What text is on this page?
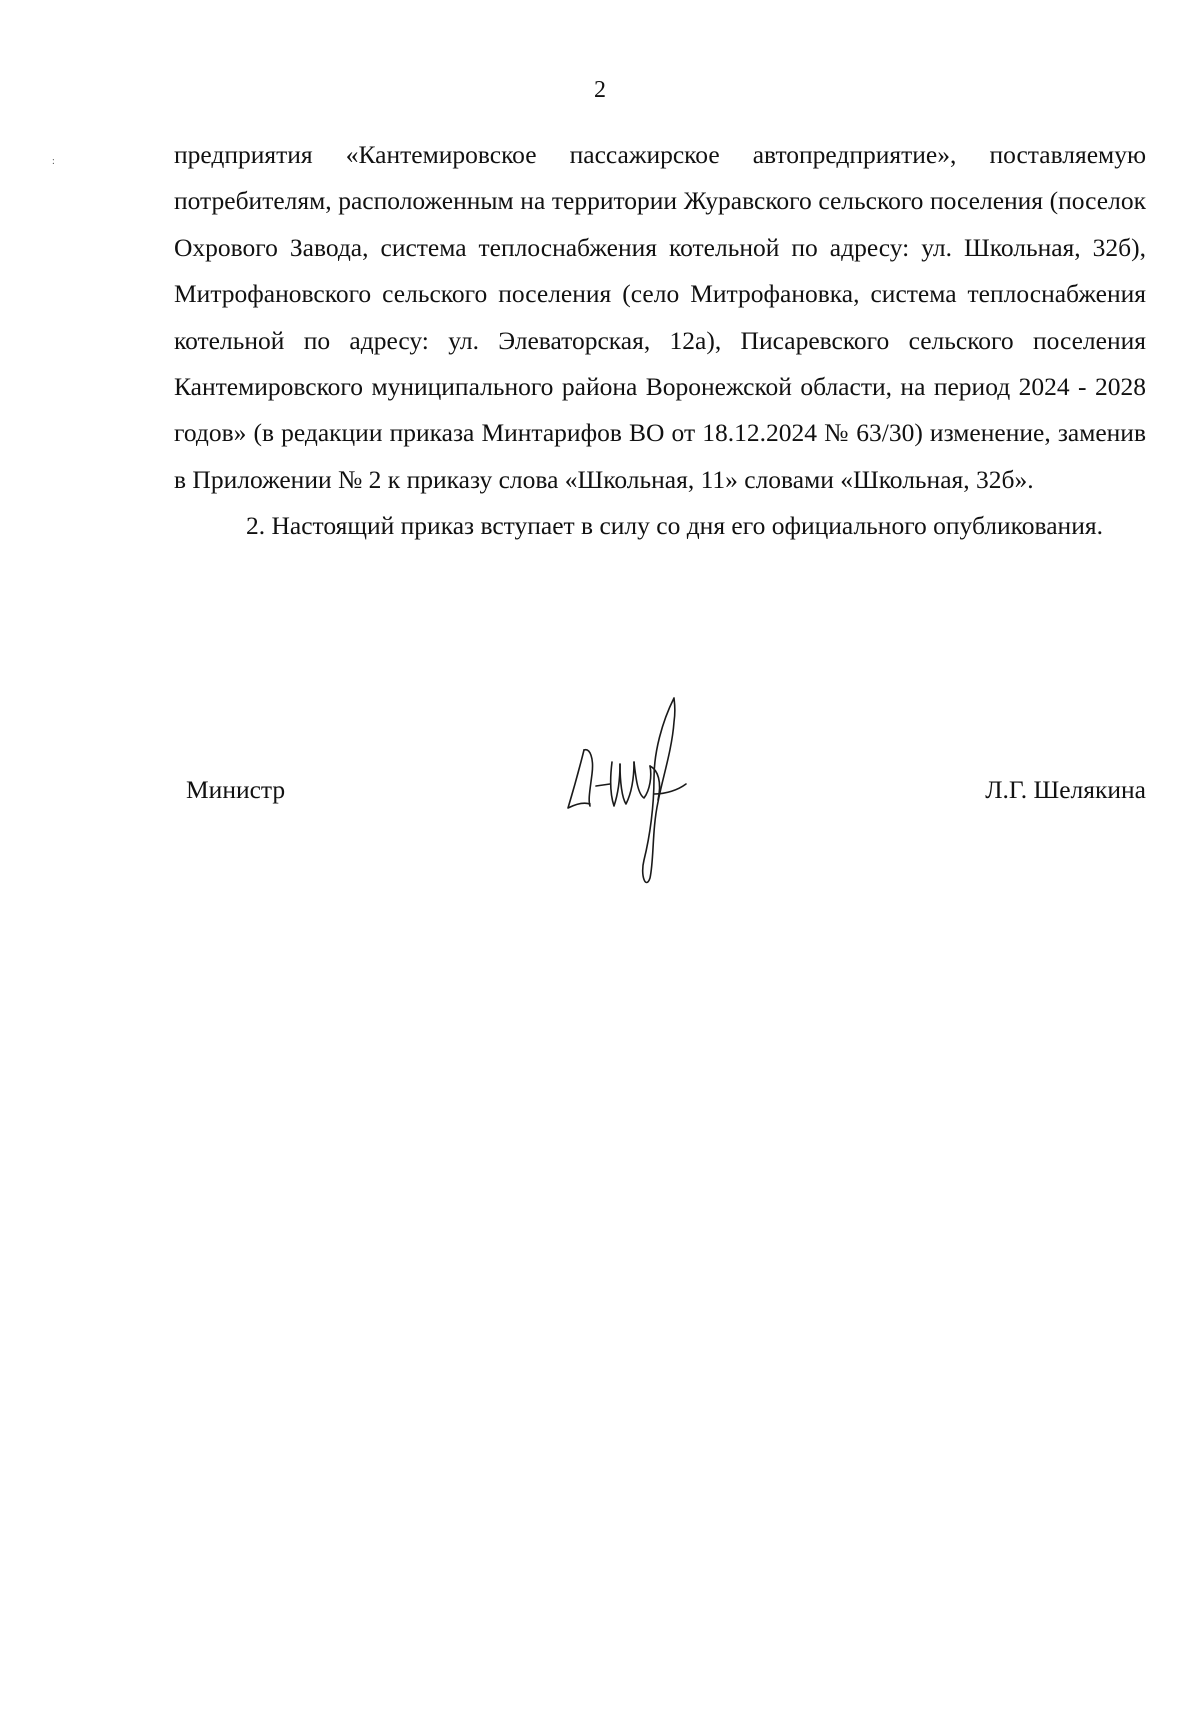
2
:	предприятия «Кантемировское пассажирское автопредприятие», поставляемую потребителям, расположенным на территории Журавского сельского поселения (поселок Охрового Завода, система теплоснабжения котельной по адресу: ул. Школьная, 32б), Митрофановского сельского поселения (село Митрофановка, система теплоснабжения котельной по адресу: ул. Элеваторская, 12а), Писаревского сельского поселения Кантемировского муниципального района Воронежской области, на период 2024 - 2028 годов» (в редакции приказа Минтарифов ВО от 18.12.2024 № 63/30) изменение, заменив в Приложении № 2 к приказу слова «Школьная, 11» словами «Школьная, 32б».

2. Настоящий приказ вступает в силу со дня его официального опубликования.

Министр	Л.Г. Шелякина
